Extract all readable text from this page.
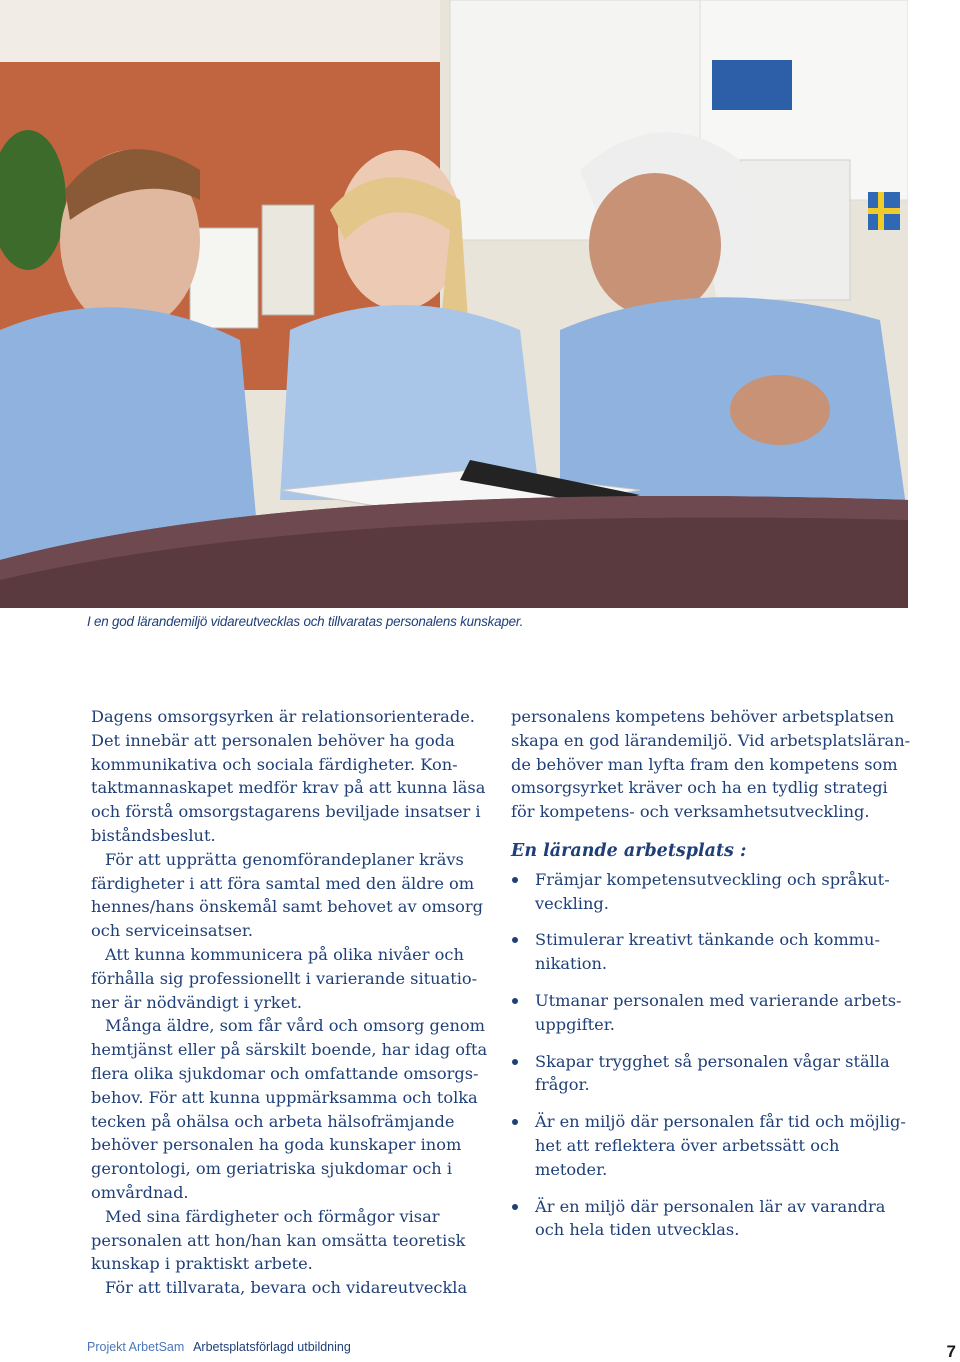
I en god lärandemiljö vidareutvecklas och tillvaratas personalens kunskaper.

Dagens omsorgsyrken är relationsorienterade. Det innebär att personalen behöver ha goda kommunikativa och sociala färdigheter. Kontaktmannaskapet medför krav på att kunna läsa och förstå omsorgstagarens beviljade insatser i biståndsbeslut.

För att upprätta genomförandeplaner krävs färdigheter i att föra samtal med den äldre om hennes/hans önskemål samt behovet av omsorg och serviceinsatser.

Att kunna kommunicera på olika nivåer och förhålla sig professionellt i varierande situationer är nödvändigt i yrket.

Många äldre, som får vård och omsorg genom hemtjänst eller på särskilt boende, har idag ofta flera olika sjukdomar och omfattande omsorgsbehov. För att kunna uppmärksamma och tolka tecken på ohälsa och arbeta hälsofrämjande behöver personalen ha goda kunskaper inom gerontologi, om geriatriska sjukdomar och i omvårdnad.

Med sina färdigheter och förmågor visar personalen att hon/han kan omsätta teoretisk kunskap i praktiskt arbete.

För att tillvarata, bevara och vidareutveckla

personalens kompetens behöver arbetsplatsen skapa en god lärandemiljö. Vid arbetsplatslärande behöver man lyfta fram den kompetens som omsorgsyrket kräver och ha en tydlig strategi för kompetens- och verksamhetsutveckling.

En lärande arbetsplats :
Främjar kompetensutveckling och språkutveckling.
Stimulerar kreativt tänkande och kommunikation.
Utmanar personalen med varierande arbetsuppgifter.
Skapar trygghet så personalen vågar ställa frågor.
Är en miljö där personalen får tid och möjlighet att reflektera över arbetssätt och metoder.
Är en miljö där personalen lär av varandra och hela tiden utvecklas.
Projekt ArbetSam Arbetsplatsförlagd utbildning	7
